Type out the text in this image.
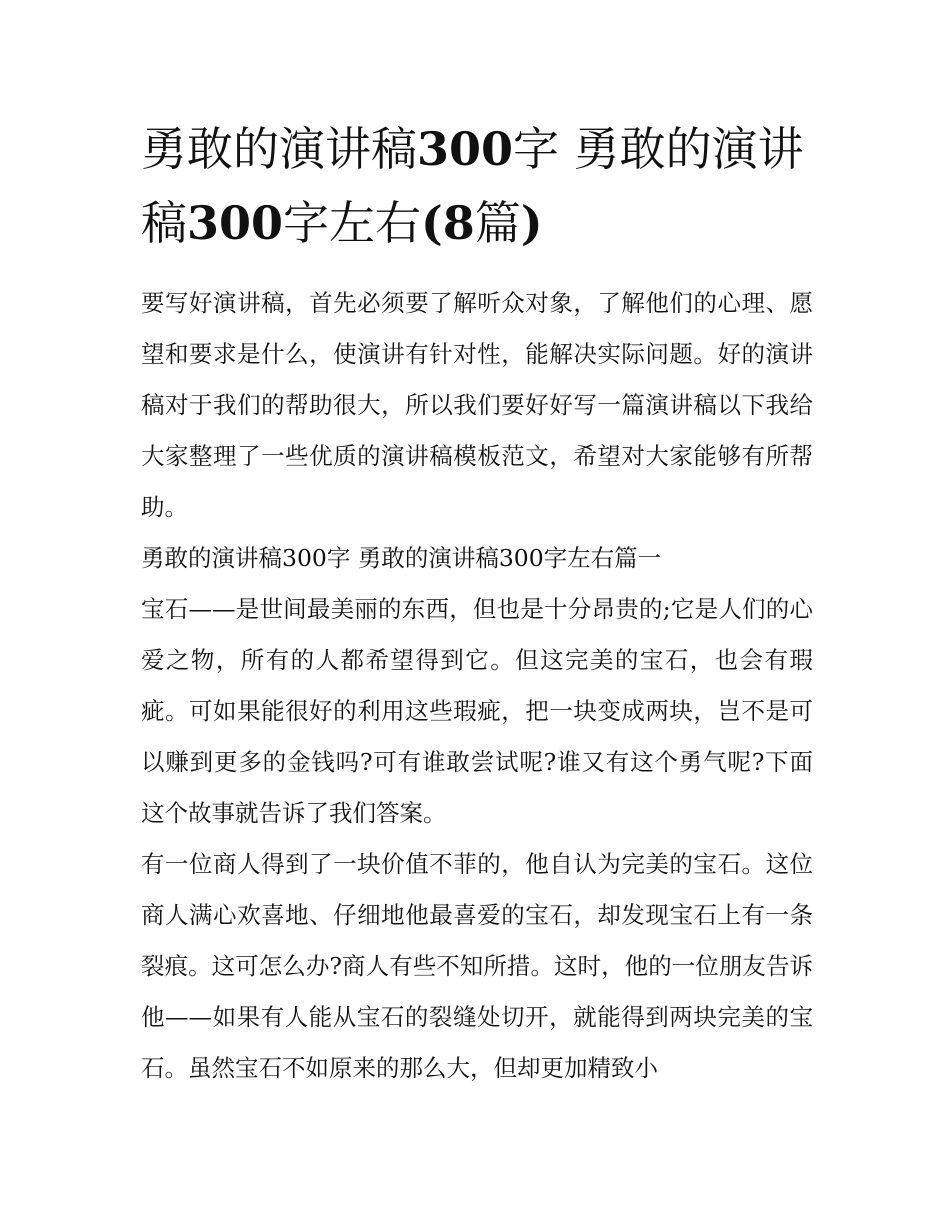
勇敢的演讲稿300字 勇敢的演讲稿300字左右(8篇)

要写好演讲稿，首先必须要了解听众对象，了解他们的心理、愿望和要求是什么，使演讲有针对性，能解决实际问题。好的演讲稿对于我们的帮助很大，所以我们要好好写一篇演讲稿以下我给大家整理了一些优质的演讲稿模板范文，希望对大家能够有所帮助。

勇敢的演讲稿300字 勇敢的演讲稿300字左右篇一

宝石——是世间最美丽的东西，但也是十分昂贵的;它是人们的心爱之物，所有的人都希望得到它。但这完美的宝石，也会有瑕疵。可如果能很好的利用这些瑕疵，把一块变成两块，岂不是可以赚到更多的金钱吗?可有谁敢尝试呢?谁又有这个勇气呢?下面这个故事就告诉了我们答案。

有一位商人得到了一块价值不菲的，他自认为完美的宝石。这位商人满心欢喜地、仔细地他最喜爱的宝石，却发现宝石上有一条裂痕。这可怎么办?商人有些不知所措。这时，他的一位朋友告诉他——如果有人能从宝石的裂缝处切开，就能得到两块完美的宝石。虽然宝石不如原来的那么大，但却更加精致小
